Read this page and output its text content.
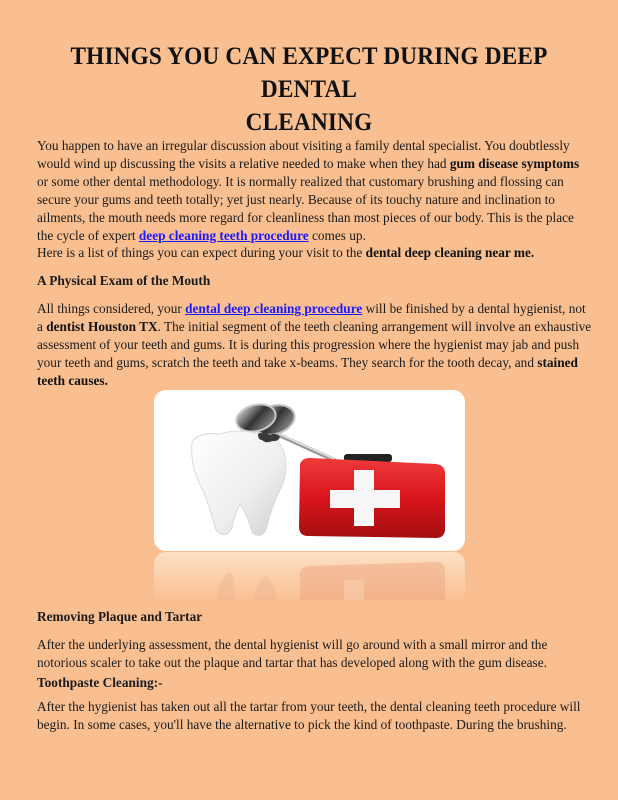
THINGS YOU CAN EXPECT DURING DEEP DENTAL
CLEANING

You happen to have an irregular discussion about visiting a family dental specialist. You doubtlessly would wind up discussing the visits a relative needed to make when they had gum disease symptoms or some other dental methodology. It is normally realized that customary brushing and flossing can secure your gums and teeth totally; yet just nearly. Because of its touchy nature and inclination to ailments, the mouth needs more regard for cleanliness than most pieces of our body. This is the place the cycle of expert deep cleaning teeth procedure comes up.

Here is a list of things you can expect during your visit to the dental deep cleaning near me.

A Physical Exam of the Mouth

All things considered, your dental deep cleaning procedure will be finished by a dental hygienist, not a dentist Houston TX. The initial segment of the teeth cleaning arrangement will involve an exhaustive assessment of your teeth and gums. It is during this progression where the hygienist may jab and push your teeth and gums, scratch the teeth and take x-beams. They search for the tooth decay, and stained teeth causes.

Removing Plaque and Tartar

After the underlying assessment, the dental hygienist will go around with a small mirror and the notorious scaler to take out the plaque and tartar that has developed along with the gum disease.

Toothpaste Cleaning:-

After the hygienist has taken out all the tartar from your teeth, the dental cleaning teeth procedure will begin. In some cases, you'll have the alternative to pick the kind of toothpaste. During the brushing.
